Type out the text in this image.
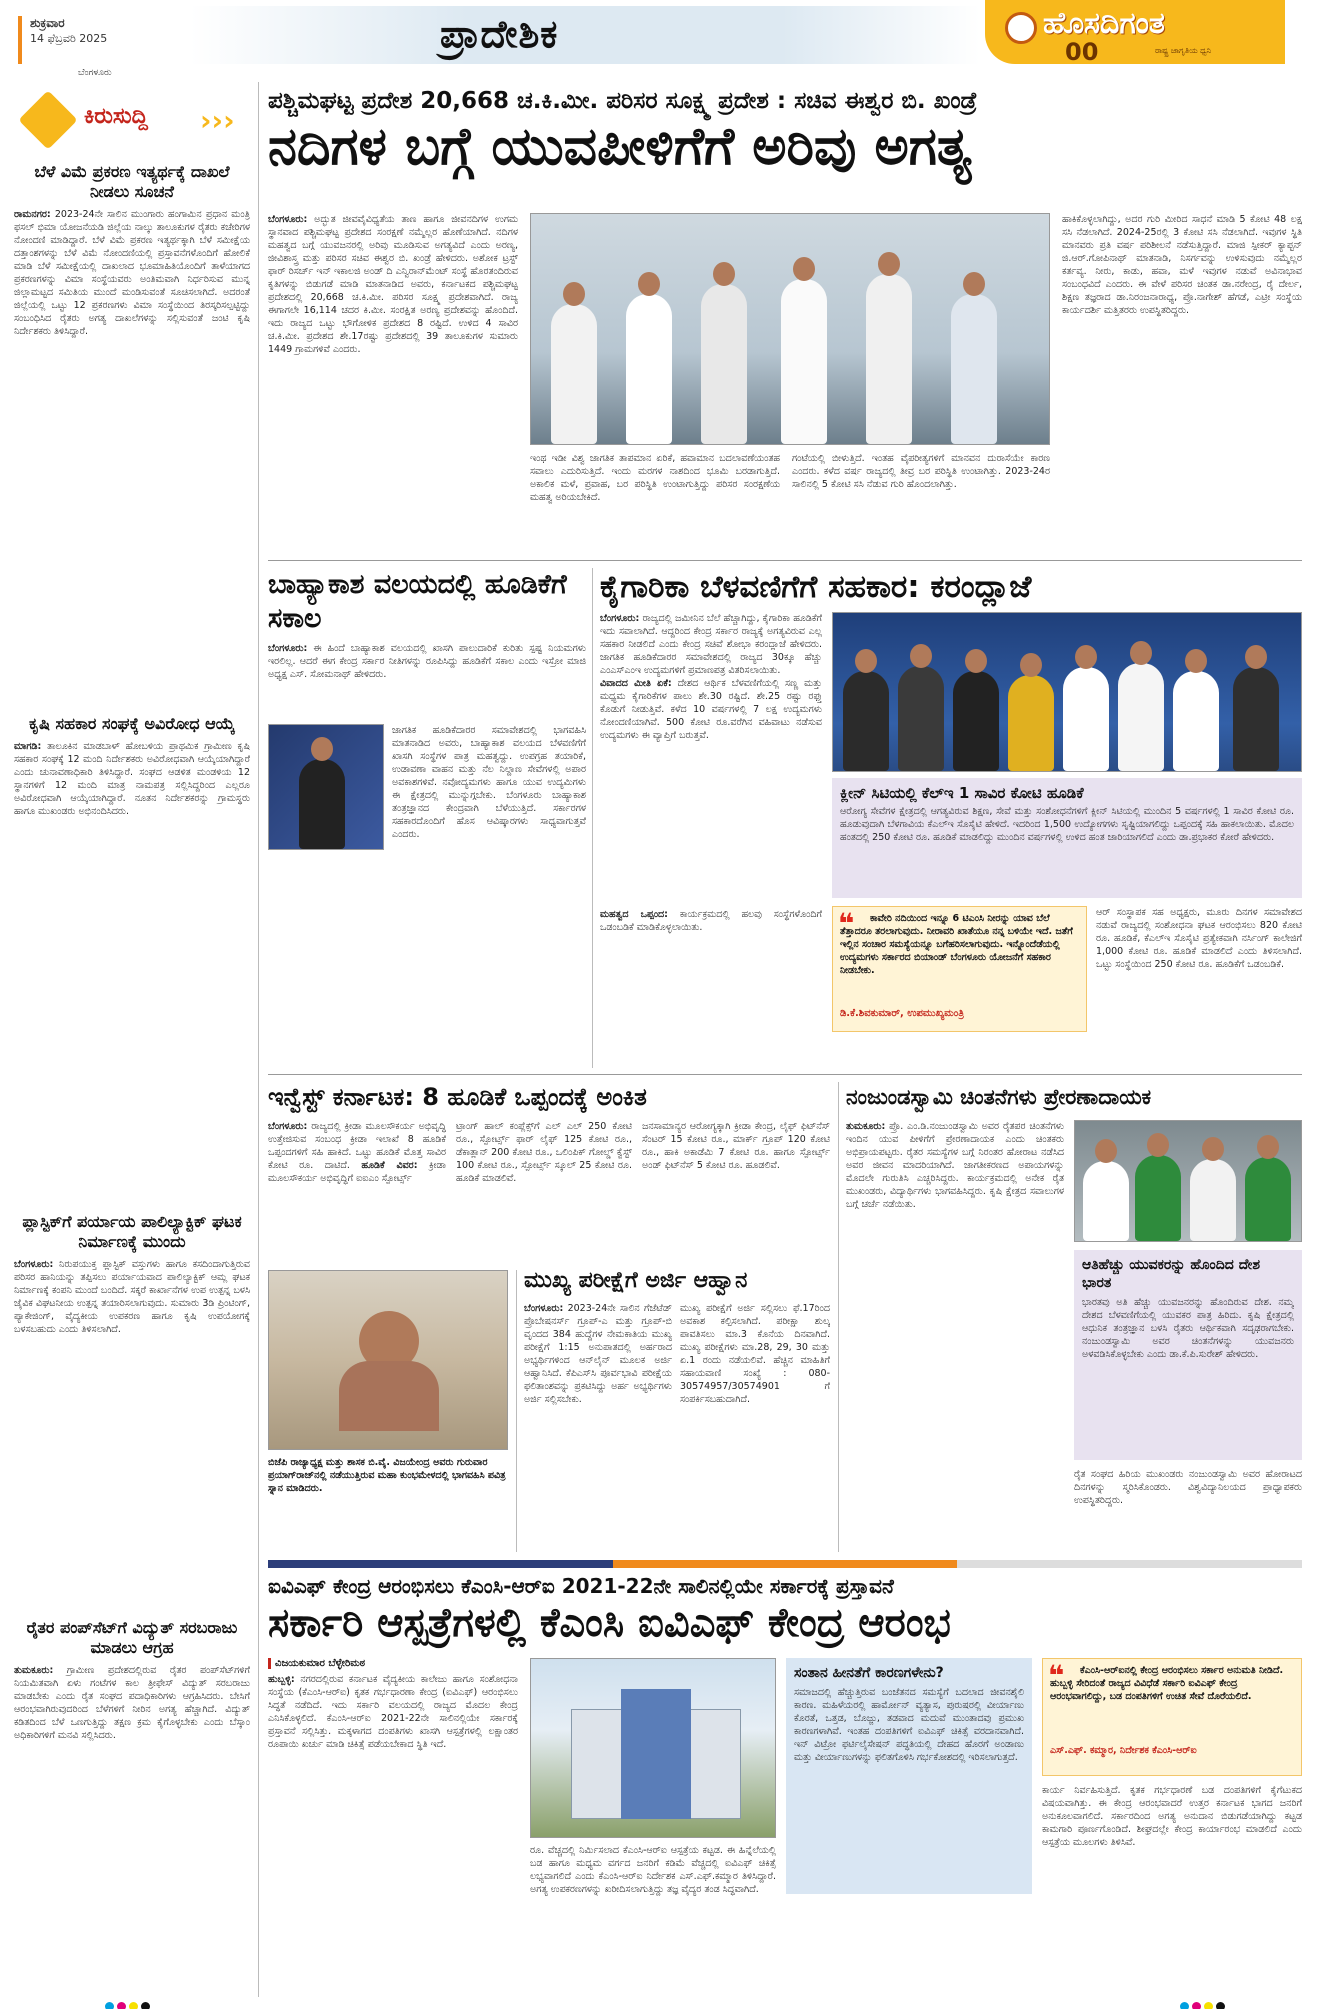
ಶುಕ್ರವಾರ
14 ಫೆಬ್ರವರಿ 2025	ಪ್ರಾದೇಶಿಕ	ಹೊಸದಿಗಂತ
ರಾಷ್ಟ್ರ ಜಾಗೃತಿಯ ಧ್ವನಿ
00
ಬೆಂಗಳೂರು
ಕಿರುಸುದ್ದಿ ›››
ಬೆಳೆ ವಿಮೆ ಪ್ರಕರಣ ಇತ್ಯರ್ಥಕ್ಕೆ ದಾಖಲೆ ನೀಡಲು ಸೂಚನೆ
ರಾಮನಗರ: 2023-24ನೇ ಸಾಲಿನ ಮುಂಗಾರು ಹಂಗಾಮಿನ ಪ್ರಧಾನ ಮಂತ್ರಿ ಫಸಲ್ ಭಿಮಾ ಯೋಜನೆಯಡಿ ಜಿಲ್ಲೆಯ ನಾಲ್ಕು ತಾಲೂಕುಗಳ ರೈತರು ಕಚೇರಿಗಳ ನೋಂದಣಿ ಮಾಡಿದ್ದಾರೆ. ಬೆಳೆ ವಿಮೆ ಪ್ರಕರಣ ಇತ್ಯರ್ಥಕ್ಕಾಗಿ ಬೆಳೆ ಸಮೀಕ್ಷೆಯ ದತ್ತಾಂಶಗಳನ್ನು ಬೆಳೆ ವಿಮೆ ನೋಂದಣಿಯಲ್ಲಿ ಪ್ರಸ್ತಾವನೆಗಳೊಂದಿಗೆ ಹೋಲಿಕೆ ಮಾಡಿ ಬೆಳೆ ಸಮೀಕ್ಷೆಯಲ್ಲಿ ದಾಖಲಾದ ಭೂಮಾಹಿತಿಯೊಂದಿಗೆ ತಾಳೆಯಾಗದ ಪ್ರಕರಣಗಳನ್ನು ವಿಮಾ ಸಂಸ್ಥೆಯವರು ಅಂತಿಮವಾಗಿ ನಿರ್ಧರಿಸುವ ಮುನ್ನ ಜಿಲ್ಲಾಮಟ್ಟದ ಸಮಿತಿಯ ಮುಂದೆ ಮಂಡಿಸುವಂತೆ ಸೂಚಿಸಲಾಗಿದೆ. ಅದರಂತೆ ಜಿಲ್ಲೆಯಲ್ಲಿ ಒಟ್ಟು 12 ಪ್ರಕರಣಗಳು ವಿಮಾ ಸಂಸ್ಥೆಯಿಂದ ತಿರಸ್ಕರಿಸಲ್ಪಟ್ಟಿದ್ದು ಸಂಬಂಧಿಸಿದ ರೈತರು ಅಗತ್ಯ ದಾಖಲೆಗಳನ್ನು ಸಲ್ಲಿಸುವಂತೆ ಜಂಟಿ ಕೃಷಿ ನಿರ್ದೇಶಕರು ತಿಳಿಸಿದ್ದಾರೆ.
ಕೃಷಿ ಸಹಕಾರ ಸಂಘಕ್ಕೆ ಅವಿರೋಧ ಆಯ್ಕೆ
ಮಾಗಡಿ: ತಾಲೂಕಿನ ಮಾಡಬಾಳ್ ಹೋಬಳಿಯ ಪ್ರಾಥಮಿಕ ಗ್ರಾಮೀಣ ಕೃಷಿ ಸಹಕಾರ ಸಂಘಕ್ಕೆ 12 ಮಂದಿ ನಿರ್ದೇಶಕರು ಅವಿರೋಧವಾಗಿ ಆಯ್ಕೆಯಾಗಿದ್ದಾರೆ ಎಂದು ಚುನಾವಣಾಧಿಕಾರಿ ತಿಳಿಸಿದ್ದಾರೆ. ಸಂಘದ ಆಡಳಿತ ಮಂಡಳಿಯ 12 ಸ್ಥಾನಗಳಿಗೆ 12 ಮಂದಿ ಮಾತ್ರ ನಾಮಪತ್ರ ಸಲ್ಲಿಸಿದ್ದರಿಂದ ಎಲ್ಲರೂ ಅವಿರೋಧವಾಗಿ ಆಯ್ಕೆಯಾಗಿದ್ದಾರೆ. ನೂತನ ನಿರ್ದೇಶಕರನ್ನು ಗ್ರಾಮಸ್ಥರು ಹಾಗೂ ಮುಖಂಡರು ಅಭಿನಂದಿಸಿದರು.
ಪ್ಲಾಸ್ಟಿಕ್‌ಗೆ ಪರ್ಯಾಯ ಪಾಲಿಲ್ಯಾಕ್ಟಿಕ್ ಘಟಕ ನಿರ್ಮಾಣಕ್ಕೆ ಮುಂದು
ಬೆಂಗಳೂರು: ನಿರುಪಯುಕ್ತ ಪ್ಲಾಸ್ಟಿಕ್ ವಸ್ತುಗಳು ಹಾಗೂ ಕಸದಿಂದಾಗುತ್ತಿರುವ ಪರಿಸರ ಹಾನಿಯನ್ನು ತಪ್ಪಿಸಲು ಪರ್ಯಾಯವಾದ ಪಾಲಿಲ್ಯಾಕ್ಟಿಕ್ ಆಮ್ಲ ಘಟಕ ನಿರ್ಮಾಣಕ್ಕೆ ಕಂಪನಿ ಮುಂದೆ ಬಂದಿದೆ. ಸಕ್ಕರೆ ಕಾರ್ಖಾನೆಗಳ ಉಪ ಉತ್ಪನ್ನ ಬಳಸಿ ಜೈವಿಕ ವಿಘಟನೀಯ ಉತ್ಪನ್ನ ತಯಾರಿಸಲಾಗುವುದು. ಸುಮಾರು 3ಡಿ ಪ್ರಿಂಟಿಂಗ್, ಪ್ಯಾಕೇಜಿಂಗ್, ವೈದ್ಯಕೀಯ ಉಪಕರಣ ಹಾಗೂ ಕೃಷಿ ಉಪಯೋಗಕ್ಕೆ ಬಳಸಬಹುದು ಎಂದು ತಿಳಿಸಲಾಗಿದೆ.
ರೈತರ ಪಂಪ್‌ಸೆಟ್‌ಗೆ ವಿದ್ಯುತ್ ಸರಬರಾಜು ಮಾಡಲು ಆಗ್ರಹ
ತುಮಕೂರು: ಗ್ರಾಮೀಣ ಪ್ರದೇಶದಲ್ಲಿರುವ ರೈತರ ಪಂಪ್‌ಸೆಟ್‌ಗಳಿಗೆ ನಿಯಮಿತವಾಗಿ ಏಳು ಗಂಟೆಗಳ ಕಾಲ ತ್ರೀಫೇಸ್ ವಿದ್ಯುತ್ ಸರಬರಾಜು ಮಾಡಬೇಕು ಎಂದು ರೈತ ಸಂಘದ ಪದಾಧಿಕಾರಿಗಳು ಆಗ್ರಹಿಸಿದರು. ಬೇಸಿಗೆ ಆರಂಭವಾಗಿರುವುದರಿಂದ ಬೆಳೆಗಳಿಗೆ ನೀರಿನ ಅಗತ್ಯ ಹೆಚ್ಚಾಗಿದೆ. ವಿದ್ಯುತ್ ಕಡಿತದಿಂದ ಬೆಳೆ ಒಣಗುತ್ತಿದ್ದು ತಕ್ಷಣ ಕ್ರಮ ಕೈಗೊಳ್ಳಬೇಕು ಎಂದು ಬೆಸ್ಕಾಂ ಅಧಿಕಾರಿಗಳಿಗೆ ಮನವಿ ಸಲ್ಲಿಸಿದರು.
ಪಶ್ಚಿಮಘಟ್ಟ ಪ್ರದೇಶ 20,668 ಚ.ಕಿ.ಮೀ. ಪರಿಸರ ಸೂಕ್ಷ್ಮ ಪ್ರದೇಶ : ಸಚಿವ ಈಶ್ವರ ಬಿ. ಖಂಡ್ರೆ
ನದಿಗಳ ಬಗ್ಗೆ ಯುವಪೀಳಿಗೆಗೆ ಅರಿವು ಅಗತ್ಯ
ಬೆಂಗಳೂರು: ಅದ್ಭುತ ಜೀವವೈವಿಧ್ಯತೆಯ ತಾಣ ಹಾಗೂ ಜೀವನದಿಗಳ ಉಗಮ ಸ್ಥಾನವಾದ ಪಶ್ಚಿಮಘಟ್ಟ ಪ್ರದೇಶದ ಸಂರಕ್ಷಣೆ ನಮ್ಮೆಲ್ಲರ ಹೊಣೆಯಾಗಿದೆ. ನದಿಗಳ ಮಹತ್ವದ ಬಗ್ಗೆ ಯುವಜನರಲ್ಲಿ ಅರಿವು ಮೂಡಿಸುವ ಅಗತ್ಯವಿದೆ ಎಂದು ಅರಣ್ಯ, ಜೀವಿಶಾಸ್ತ್ರ ಮತ್ತು ಪರಿಸರ ಸಚಿವ ಈಶ್ವರ ಬಿ. ಖಂಡ್ರೆ ಹೇಳಿದರು. ಅಶೋಕ ಟ್ರಸ್ಟ್ ಫಾರ್ ರಿಸರ್ಚ್ ಇನ್ ಇಕಾಲಜಿ ಅಂಡ್ ದಿ ಎನ್ವಿರಾನ್‌ಮೆಂಟ್ ಸಂಸ್ಥೆ ಹೊರತಂದಿರುವ ಕೃತಿಗಳನ್ನು ಬಿಡುಗಡೆ ಮಾಡಿ ಮಾತನಾಡಿದ ಅವರು, ಕರ್ನಾಟಕದ ಪಶ್ಚಿಮಘಟ್ಟ ಪ್ರದೇಶದಲ್ಲಿ 20,668 ಚ.ಕಿ.ಮೀ. ಪರಿಸರ ಸೂಕ್ಷ್ಮ ಪ್ರದೇಶವಾಗಿದೆ. ರಾಜ್ಯ ಈಗಾಗಲೇ 16,114 ಚದರ ಕಿ.ಮೀ. ಸಂರಕ್ಷಿತ ಅರಣ್ಯ ಪ್ರದೇಶವನ್ನು ಹೊಂದಿದೆ. ಇದು ರಾಜ್ಯದ ಒಟ್ಟು ಭೌಗೋಳಿಕ ಪ್ರದೇಶದ 8 ರಷ್ಟಿದೆ. ಉಳಿದ 4 ಸಾವಿರ ಚ.ಕಿ.ಮೀ. ಪ್ರದೇಶದ ಶೇ.17ರಷ್ಟು ಪ್ರದೇಶದಲ್ಲಿ 39 ತಾಲೂಕುಗಳ ಸುಮಾರು 1449 ಗ್ರಾಮಗಳಿವೆ ಎಂದರು.
ಇಂಥ ಇಡೀ ವಿಶ್ವ ಜಾಗತಿಕ ತಾಪಮಾನ ಏರಿಕೆ, ಹವಾಮಾನ ಬದಲಾವಣೆಯಂತಹ ಸವಾಲು ಎದುರಿಸುತ್ತಿದೆ. ಇಂದು ಮರಗಳ ನಾಶದಿಂದ ಭೂಮಿ ಬರಡಾಗುತ್ತಿದೆ. ಅಕಾಲಿಕ ಮಳೆ, ಪ್ರವಾಹ, ಬರ ಪರಿಸ್ಥಿತಿ ಉಂಟಾಗುತ್ತಿದ್ದು ಪರಿಸರ ಸಂರಕ್ಷಣೆಯ ಮಹತ್ವ ಅರಿಯಬೇಕಿದೆ.
ಗಂಟೆಯಲ್ಲಿ ಬೀಳುತ್ತಿದೆ. ಇಂತಹ ವೈಪರೀತ್ಯಗಳಿಗೆ ಮಾನವನ ದುರಾಸೆಯೇ ಕಾರಣ ಎಂದರು. ಕಳೆದ ವರ್ಷ ರಾಜ್ಯದಲ್ಲಿ ತೀವ್ರ ಬರ ಪರಿಸ್ಥಿತಿ ಉಂಟಾಗಿತ್ತು. 2023-24ರ ಸಾಲಿನಲ್ಲಿ 5 ಕೋಟಿ ಸಸಿ ನೆಡುವ ಗುರಿ ಹೊಂದಲಾಗಿತ್ತು.
ಹಾಕಿಕೊಳ್ಳಲಾಗಿದ್ದು, ಅದರ ಗುರಿ ಮೀರಿದ ಸಾಧನೆ ಮಾಡಿ 5 ಕೋಟಿ 48 ಲಕ್ಷ ಸಸಿ ನೆಡಲಾಗಿದೆ. 2024-25ರಲ್ಲಿ 3 ಕೋಟಿ ಸಸಿ ನೆಡಲಾಗಿದೆ. ಇವುಗಳ ಸ್ಥಿತಿ ಮಾನವರು ಪ್ರತಿ ವರ್ಷ ಪರಿಶೀಲನೆ ನಡೆಸುತ್ತಿದ್ದಾರೆ. ಮಾಜಿ ಸ್ಪೀಕರ್ ಕ್ಯಾಪ್ಟನ್ ಜಿ.ಆರ್.ಗೋಪಿನಾಥ್ ಮಾತನಾಡಿ, ನಿಸರ್ಗವನ್ನು ಉಳಿಸುವುದು ನಮ್ಮೆಲ್ಲರ ಕರ್ತವ್ಯ. ನೀರು, ಕಾಡು, ಹವಾ, ಮಳೆ ಇವುಗಳ ನಡುವೆ ಅವಿನಾಭಾವ ಸಂಬಂಧವಿದೆ ಎಂದರು. ಈ ವೇಳೆ ಪರಿಸರ ಚಿಂತಕ ಡಾ.ನರೇಂದ್ರ, ರೈ ದೇರ್ಲ, ಶಿಕ್ಷಣ ತಜ್ಞರಾದ ಡಾ.ನಿರಂಜನಾರಾಧ್ಯ, ಪ್ರೊ.ನಾಗೇಶ್ ಹೆಗಡೆ, ಎಟ್ರೀ ಸಂಸ್ಥೆಯ ಕಾರ್ಯದರ್ಶಿ ಮತ್ತಿತರರು ಉಪಸ್ಥಿತರಿದ್ದರು.
ಬಾಹ್ಯಾಕಾಶ ವಲಯದಲ್ಲಿ ಹೂಡಿಕೆಗೆ ಸಕಾಲ
ಬೆಂಗಳೂರು: ಈ ಹಿಂದೆ ಬಾಹ್ಯಾಕಾಶ ವಲಯದಲ್ಲಿ ಖಾಸಗಿ ಪಾಲುದಾರಿಕೆ ಕುರಿತು ಸ್ಪಷ್ಟ ನಿಯಮಗಳು ಇರಲಿಲ್ಲ. ಆದರೆ ಈಗ ಕೇಂದ್ರ ಸರ್ಕಾರ ನೀತಿಗಳನ್ನು ರೂಪಿಸಿದ್ದು ಹೂಡಿಕೆಗೆ ಸಕಾಲ ಎಂದು ಇಸ್ರೋ ಮಾಜಿ ಅಧ್ಯಕ್ಷ ಎಸ್. ಸೋಮನಾಥ್ ಹೇಳಿದರು.
ಜಾಗತಿಕ ಹೂಡಿಕೆದಾರರ ಸಮಾವೇಶದಲ್ಲಿ ಭಾಗವಹಿಸಿ ಮಾತನಾಡಿದ ಅವರು, ಬಾಹ್ಯಾಕಾಶ ವಲಯದ ಬೆಳವಣಿಗೆಗೆ ಖಾಸಗಿ ಸಂಸ್ಥೆಗಳ ಪಾತ್ರ ಮಹತ್ವದ್ದು. ಉಪಗ್ರಹ ತಯಾರಿಕೆ, ಉಡಾವಣಾ ವಾಹನ ಮತ್ತು ನೆಲ ನಿಲ್ದಾಣ ಸೇವೆಗಳಲ್ಲಿ ಅಪಾರ ಅವಕಾಶಗಳಿವೆ. ನವೋದ್ಯಮಗಳು ಹಾಗೂ ಯುವ ಉದ್ಯಮಿಗಳು ಈ ಕ್ಷೇತ್ರದಲ್ಲಿ ಮುನ್ನುಗ್ಗಬೇಕು. ಬೆಂಗಳೂರು ಬಾಹ್ಯಾಕಾಶ ತಂತ್ರಜ್ಞಾನದ ಕೇಂದ್ರವಾಗಿ ಬೆಳೆಯುತ್ತಿದೆ. ಸರ್ಕಾರಗಳ ಸಹಕಾರದೊಂದಿಗೆ ಹೊಸ ಆವಿಷ್ಕಾರಗಳು ಸಾಧ್ಯವಾಗುತ್ತವೆ ಎಂದರು.
ಕೈಗಾರಿಕಾ ಬೆಳವಣಿಗೆಗೆ ಸಹಕಾರ: ಕರಂದ್ಲಾಜೆ
ಬೆಂಗಳೂರು: ರಾಜ್ಯದಲ್ಲಿ ಜಮೀನಿನ ಬೆಲೆ ಹೆಚ್ಚಾಗಿದ್ದು, ಕೈಗಾರಿಕಾ ಹೂಡಿಕೆಗೆ ಇದು ಸವಾಲಾಗಿದೆ. ಆದ್ದರಿಂದ ಕೇಂದ್ರ ಸರ್ಕಾರ ರಾಜ್ಯಕ್ಕೆ ಅಗತ್ಯವಿರುವ ಎಲ್ಲ ಸಹಕಾರ ನೀಡಲಿದೆ ಎಂದು ಕೇಂದ್ರ ಸಚಿವೆ ಶೋಭಾ ಕರಂದ್ಲಾಜೆ ಹೇಳಿದರು. ಜಾಗತಿಕ ಹೂಡಿಕೆದಾರರ ಸಮಾವೇಶದಲ್ಲಿ ರಾಜ್ಯದ 30ಕ್ಕೂ ಹೆಚ್ಚು ಎಂಎಸ್‌ಎಂಇ ಉದ್ಯಮಗಳಿಗೆ ಪ್ರಮಾಣಪತ್ರ ವಿತರಿಸಲಾಯಿತು.
ವಿವಾದದ ಮೀತಿ ಏಕೆ: ದೇಶದ ಆರ್ಥಿಕ ಬೆಳವಣಿಗೆಯಲ್ಲಿ ಸಣ್ಣ ಮತ್ತು ಮಧ್ಯಮ ಕೈಗಾರಿಕೆಗಳ ಪಾಲು ಶೇ.30 ರಷ್ಟಿದೆ. ಶೇ.25 ರಷ್ಟು ರಫ್ತು ಕೊಡುಗೆ ನೀಡುತ್ತಿವೆ. ಕಳೆದ 10 ವರ್ಷಗಳಲ್ಲಿ 7 ಲಕ್ಷ ಉದ್ಯಮಗಳು ನೋಂದಣಿಯಾಗಿವೆ. 500 ಕೋಟಿ ರೂ.ವರೆಗಿನ ವಹಿವಾಟು ನಡೆಸುವ ಉದ್ಯಮಗಳು ಈ ವ್ಯಾಪ್ತಿಗೆ ಬರುತ್ತವೆ.
ಮಹತ್ವದ ಒಪ್ಪಂದ: ಕಾರ್ಯಕ್ರಮದಲ್ಲಿ ಹಲವು ಸಂಸ್ಥೆಗಳೊಂದಿಗೆ ಒಡಂಬಡಿಕೆ ಮಾಡಿಕೊಳ್ಳಲಾಯಿತು.
ಕ್ಲೀನ್ ಸಿಟಿಯಲ್ಲಿ ಕೆಲ್‌ಇ 1 ಸಾವಿರ ಕೋಟಿ ಹೂಡಿಕೆ
ಆರೋಗ್ಯ ಸೇವೆಗಳ ಕ್ಷೇತ್ರದಲ್ಲಿ ಆಗತ್ಯವಿರುವ ಶಿಕ್ಷಣ, ಸೇವೆ ಮತ್ತು ಸಂಶೋಧನೆಗಳಿಗೆ ಕ್ಲೀನ್ ಸಿಟಿಯಲ್ಲಿ ಮುಂದಿನ 5 ವರ್ಷಗಳಲ್ಲಿ 1 ಸಾವಿರ ಕೋಟಿ ರೂ. ಹೂಡುವುದಾಗಿ ಬೆಳಗಾವಿಯ ಕೆಎಲ್‌ಇ ಸೊಸೈಟಿ ಹೇಳಿದೆ. ಇದರಿಂದ 1,500 ಉದ್ಯೋಗಗಳು ಸೃಷ್ಟಿಯಾಗಲಿದ್ದು ಒಪ್ಪಂದಕ್ಕೆ ಸಹಿ ಹಾಕಲಾಯಿತು. ಮೊದಲ ಹಂತದಲ್ಲಿ 250 ಕೋಟಿ ರೂ. ಹೂಡಿಕೆ ಮಾಡಲಿದ್ದು ಮುಂದಿನ ವರ್ಷಗಳಲ್ಲಿ ಉಳಿದ ಹಂತ ಜಾರಿಯಾಗಲಿದೆ ಎಂದು ಡಾ.ಪ್ರಭಾಕರ ಕೋರೆ ಹೇಳಿದರು.
❝	ಕಾವೇರಿ ನದಿಯಿಂದ ಇನ್ನೂ 6 ಟಿಎಂಸಿ ನೀರನ್ನು ಯಾವ ಬೆಲೆ ತೆತ್ತಾದರೂ ತರಲಾಗುವುದು. ನೀರಾವರಿ ಖಾತೆಯೂ ನನ್ನ ಬಳಿಯೇ ಇದೆ. ಜತೆಗೆ ಇಲ್ಲಿನ ಸಂಚಾರ ಸಮಸ್ಯೆಯನ್ನೂ ಬಗೆಹರಿಸಲಾಗುವುದು. ಇನ್ನೊಂದೆಡೆಯಲ್ಲಿ ಉದ್ಯಮಗಳು ಸರ್ಕಾರದ ಬಿಯಾಂಡ್ ಬೆಂಗಳೂರು ಯೋಜನೆಗೆ ಸಹಕಾರ ನೀಡಬೇಕು.
ಡಿ.ಕೆ.ಶಿವಕುಮಾರ್, ಉಪಮುಖ್ಯಮಂತ್ರಿ
ಆರ್ ಸಂಸ್ಥಾಪಕ ಸಹ ಅಧ್ಯಕ್ಷರು, ಮೂರು ದಿನಗಳ ಸಮಾವೇಶದ ನಡುವೆ ರಾಜ್ಯದಲ್ಲಿ ಸಂಶೋಧನಾ ಘಟಕ ಆರಂಭಿಸಲು 820 ಕೋಟಿ ರೂ. ಹೂಡಿಕೆ, ಕೆಎಲ್‌ಇ ಸೊಸೈಟಿ ಪ್ರತ್ಯೇಕವಾಗಿ ನರ್ಸಿಂಗ್ ಕಾಲೇಜಿಗೆ 1,000 ಕೋಟಿ ರೂ. ಹೂಡಿಕೆ ಮಾಡಲಿದೆ ಎಂದು ತಿಳಿಸಲಾಗಿದೆ. ಒಟ್ಟು ಸಂಸ್ಥೆಯಿಂದ 250 ಕೋಟಿ ರೂ. ಹೂಡಿಕೆಗೆ ಒಡಂಬಡಿಕೆ.
ಇನ್ವೆಸ್ಟ್ ಕರ್ನಾಟಕ: 8 ಹೂಡಿಕೆ ಒಪ್ಪಂದಕ್ಕೆ ಅಂಕಿತ
ಬೆಂಗಳೂರು: ರಾಜ್ಯದಲ್ಲಿ ಕ್ರೀಡಾ ಮೂಲಸೌಕರ್ಯ ಅಭಿವೃದ್ಧಿ ಉತ್ತೇಜಿಸುವ ಸಂಬಂಧ ಕ್ರೀಡಾ ಇಲಾಖೆ 8 ಹೂಡಿಕೆ ಒಪ್ಪಂದಗಳಿಗೆ ಸಹಿ ಹಾಕಿದೆ. ಒಟ್ಟು ಹೂಡಿಕೆ ಮೊತ್ತ ಸಾವಿರ ಕೋಟಿ ರೂ. ದಾಟಿದೆ. ಹೂಡಿಕೆ ವಿವರ: ಕ್ರೀಡಾ ಮೂಲಸೌಕರ್ಯ ಅಭಿವೃದ್ಧಿಗೆ ಐಐಎಂ ಸ್ಪೋರ್ಟ್ಸ್
ಟ್ರಾಂಗ್ ಹಾಲ್ ಕಂಪ್ಲೆಕ್ಸ್‌ಗೆ ಎಲ್ ಎಲ್ 250 ಕೋಟಿ ರೂ., ಸ್ಪೋರ್ಟ್ಸ್ ಫಾರ್ ಲೈಫ್ 125 ಕೋಟಿ ರೂ., ಡೆಕಾತ್ಲಾನ್ 200 ಕೋಟಿ ರೂ., ಒಲಿಂಪಿಕ್ ಗೋಲ್ಡ್ ಕ್ವೆಸ್ಟ್ 100 ಕೋಟಿ ರೂ., ಸ್ಪೋರ್ಟ್ಸ್ ಸ್ಕೂಲ್ 25 ಕೋಟಿ ರೂ. ಹೂಡಿಕೆ ಮಾಡಲಿವೆ.
ಜನಸಾಮಾನ್ಯರ ಆರೋಗ್ಯಕ್ಕಾಗಿ ಕ್ರೀಡಾ ಕೇಂದ್ರ, ಲೈಫ್ ಫಿಟ್‌ನೆಸ್ ಸೆಂಟರ್ 15 ಕೋಟಿ ರೂ., ಮಾರ್ಕ್ ಗ್ರೂಪ್ 120 ಕೋಟಿ ರೂ., ಹಾಕಿ ಅಕಾಡೆಮಿ 7 ಕೋಟಿ ರೂ. ಹಾಗೂ ಸ್ಪೋರ್ಟ್ಸ್ ಅಂಡ್ ಫಿಟ್‌ನೆಸ್ 5 ಕೋಟಿ ರೂ. ಹೂಡಲಿವೆ.
ನಂಜುಂಡಸ್ವಾಮಿ ಚಿಂತನೆಗಳು ಪ್ರೇರಣಾದಾಯಕ
ತುಮಕೂರು: ಪ್ರೊ. ಎಂ.ಡಿ.ನಂಜುಂಡಸ್ವಾಮಿ ಅವರ ರೈತಪರ ಚಿಂತನೆಗಳು ಇಂದಿನ ಯುವ ಪೀಳಿಗೆಗೆ ಪ್ರೇರಣಾದಾಯಕ ಎಂದು ಚಿಂತಕರು ಅಭಿಪ್ರಾಯಪಟ್ಟರು. ರೈತರ ಸಮಸ್ಯೆಗಳ ಬಗ್ಗೆ ನಿರಂತರ ಹೋರಾಟ ನಡೆಸಿದ ಅವರ ಜೀವನ ಮಾದರಿಯಾಗಿದೆ. ಜಾಗತೀಕರಣದ ಅಪಾಯಗಳನ್ನು ಮೊದಲೇ ಗುರುತಿಸಿ ಎಚ್ಚರಿಸಿದ್ದರು. ಕಾರ್ಯಕ್ರಮದಲ್ಲಿ ಅನೇಕ ರೈತ ಮುಖಂಡರು, ವಿದ್ಯಾರ್ಥಿಗಳು ಭಾಗವಹಿಸಿದ್ದರು. ಕೃಷಿ ಕ್ಷೇತ್ರದ ಸವಾಲುಗಳ ಬಗ್ಗೆ ಚರ್ಚೆ ನಡೆಯಿತು.
ಆತಿಹೆಚ್ಚು ಯುವಕರನ್ನು ಹೊಂದಿದ ದೇಶ ಭಾರತ
ಭಾರತವು ಅತಿ ಹೆಚ್ಚು ಯುವಜನರನ್ನು ಹೊಂದಿರುವ ದೇಶ. ನಮ್ಮ ದೇಶದ ಬೆಳವಣಿಗೆಯಲ್ಲಿ ಯುವಕರ ಪಾತ್ರ ಹಿರಿದು. ಕೃಷಿ ಕ್ಷೇತ್ರದಲ್ಲಿ ಆಧುನಿಕ ತಂತ್ರಜ್ಞಾನ ಬಳಸಿ ರೈತರು ಆರ್ಥಿಕವಾಗಿ ಸದೃಢರಾಗಬೇಕು. ನಂಜುಂಡಸ್ವಾಮಿ ಅವರ ಚಿಂತನೆಗಳನ್ನು ಯುವಜನರು ಅಳವಡಿಸಿಕೊಳ್ಳಬೇಕು ಎಂದು ಡಾ.ಕೆ.ಪಿ.ಸುರೇಶ್ ಹೇಳಿದರು.
ರೈತ ಸಂಘದ ಹಿರಿಯ ಮುಖಂಡರು ನಂಜುಂಡಸ್ವಾಮಿ ಅವರ ಹೋರಾಟದ ದಿನಗಳನ್ನು ಸ್ಮರಿಸಿಕೊಂಡರು. ವಿಶ್ವವಿದ್ಯಾನಿಲಯದ ಪ್ರಾಧ್ಯಾಪಕರು ಉಪಸ್ಥಿತರಿದ್ದರು.
ಬಿಜೆಪಿ ರಾಜ್ಯಾಧ್ಯಕ್ಷ ಮತ್ತು ಶಾಸಕ ಬಿ.ವೈ. ವಿಜಯೇಂದ್ರ ಅವರು ಗುರುವಾರ ಪ್ರಯಾಗ್‌ರಾಜ್‌ನಲ್ಲಿ ನಡೆಯುತ್ತಿರುವ ಮಹಾ ಕುಂಭಮೇಳದಲ್ಲಿ ಭಾಗವಹಿಸಿ ಪವಿತ್ರ ಸ್ನಾನ ಮಾಡಿದರು.
ಮುಖ್ಯ ಪರೀಕ್ಷೆಗೆ ಅರ್ಜಿ ಆಹ್ವಾನ
ಬೆಂಗಳೂರು: 2023-24ನೇ ಸಾಲಿನ ಗೆಜೆಟೆಡ್ ಪ್ರೊಬೇಷನರ್ಸ್ ಗ್ರೂಪ್-ಎ ಮತ್ತು ಗ್ರೂಪ್-ಬಿ ವೃಂದದ 384 ಹುದ್ದೆಗಳ ನೇಮಕಾತಿಯ ಮುಖ್ಯ ಪರೀಕ್ಷೆಗೆ 1:15 ಅನುಪಾತದಲ್ಲಿ ಅರ್ಹರಾದ ಅಭ್ಯರ್ಥಿಗಳಿಂದ ಆನ್‌ಲೈನ್ ಮೂಲಕ ಅರ್ಜಿ ಆಹ್ವಾನಿಸಿದೆ. ಕೆಪಿಎಸ್‌ಸಿ ಪೂರ್ವಭಾವಿ ಪರೀಕ್ಷೆಯ ಫಲಿತಾಂಶವನ್ನು ಪ್ರಕಟಿಸಿದ್ದು ಅರ್ಹ ಅಭ್ಯರ್ಥಿಗಳು ಅರ್ಜಿ ಸಲ್ಲಿಸಬೇಕು.
ಮುಖ್ಯ ಪರೀಕ್ಷೆಗೆ ಅರ್ಜಿ ಸಲ್ಲಿಸಲು ಫೆ.17ರಿಂದ ಅವಕಾಶ ಕಲ್ಪಿಸಲಾಗಿದೆ. ಪರೀಕ್ಷಾ ಶುಲ್ಕ ಪಾವತಿಸಲು ಮಾ.3 ಕೊನೆಯ ದಿನವಾಗಿದೆ. ಮುಖ್ಯ ಪರೀಕ್ಷೆಗಳು ಮಾ.28, 29, 30 ಮತ್ತು ಏ.1 ರಂದು ನಡೆಯಲಿವೆ. ಹೆಚ್ಚಿನ ಮಾಹಿತಿಗೆ ಸಹಾಯವಾಣಿ ಸಂಖ್ಯೆ : 080-30574957/30574901 ಗೆ ಸಂಪರ್ಕಿಸಬಹುದಾಗಿದೆ.
ಐವಿಎಫ್ ಕೇಂದ್ರ ಆರಂಭಿಸಲು ಕೆಎಂಸಿ-ಆರ್‌ಐ 2021-22ನೇ ಸಾಲಿನಲ್ಲಿಯೇ ಸರ್ಕಾರಕ್ಕೆ ಪ್ರಸ್ತಾವನೆ
ಸರ್ಕಾರಿ ಆಸ್ಪತ್ರೆಗಳಲ್ಲಿ ಕೆಎಂಸಿ ಐವಿಎಫ್ ಕೇಂದ್ರ ಆರಂಭ
ವಿಜಯಕುಮಾರ ಬೆಳ್ಳೇರಿಮಠ
ಹುಬ್ಬಳ್ಳಿ: ನಗರದಲ್ಲಿರುವ ಕರ್ನಾಟಕ ವೈದ್ಯಕೀಯ ಕಾಲೇಜು ಹಾಗೂ ಸಂಶೋಧನಾ ಸಂಸ್ಥೆಯ (ಕೆಎಂಸಿ-ಆರ್‌ಐ) ಕೃತಕ ಗರ್ಭಧಾರಣಾ ಕೇಂದ್ರ (ಐವಿಎಫ್) ಆರಂಭಿಸಲು ಸಿದ್ಧತೆ ನಡೆದಿದೆ. ಇದು ಸರ್ಕಾರಿ ವಲಯದಲ್ಲಿ ರಾಜ್ಯದ ಮೊದಲ ಕೇಂದ್ರ ಎನಿಸಿಕೊಳ್ಳಲಿದೆ. ಕೆಎಂಸಿ-ಆರ್‌ಐ 2021-22ನೇ ಸಾಲಿನಲ್ಲಿಯೇ ಸರ್ಕಾರಕ್ಕೆ ಪ್ರಸ್ತಾವನೆ ಸಲ್ಲಿಸಿತ್ತು. ಮಕ್ಕಳಾಗದ ದಂಪತಿಗಳು ಖಾಸಗಿ ಆಸ್ಪತ್ರೆಗಳಲ್ಲಿ ಲಕ್ಷಾಂತರ ರೂಪಾಯಿ ಖರ್ಚು ಮಾಡಿ ಚಿಕಿತ್ಸೆ ಪಡೆಯಬೇಕಾದ ಸ್ಥಿತಿ ಇದೆ.
ರೂ. ವೆಚ್ಚದಲ್ಲಿ ನಿರ್ಮಿಸಲಾದ ಕೆಎಂಸಿ-ಆರ್‌ಐ ಆಸ್ಪತ್ರೆಯ ಕಟ್ಟಡ. ಈ ಹಿನ್ನೆಲೆಯಲ್ಲಿ ಬಡ ಹಾಗೂ ಮಧ್ಯಮ ವರ್ಗದ ಜನರಿಗೆ ಕಡಿಮೆ ವೆಚ್ಚದಲ್ಲಿ ಐವಿಎಫ್ ಚಿಕಿತ್ಸೆ ಲಭ್ಯವಾಗಲಿದೆ ಎಂದು ಕೆಎಂಸಿ-ಆರ್‌ಐ ನಿರ್ದೇಶಕ ಎಸ್.ಎಫ್.ಕಮ್ಮಾರ ತಿಳಿಸಿದ್ದಾರೆ. ಅಗತ್ಯ ಉಪಕರಣಗಳನ್ನು ಖರೀದಿಸಲಾಗುತ್ತಿದ್ದು ತಜ್ಞ ವೈದ್ಯರ ತಂಡ ಸಿದ್ಧವಾಗಿದೆ.
ಸಂತಾನ ಹೀನತೆಗೆ ಕಾರಣಗಳೇನು?
ಸಮಾಜದಲ್ಲಿ ಹೆಚ್ಚುತ್ತಿರುವ ಬಂಜೆತನದ ಸಮಸ್ಯೆಗೆ ಬದಲಾದ ಜೀವನಶೈಲಿ ಕಾರಣ. ಮಹಿಳೆಯರಲ್ಲಿ ಹಾರ್ಮೋನ್ ವ್ಯತ್ಯಾಸ, ಪುರುಷರಲ್ಲಿ ವೀರ್ಯಾಣು ಕೊರತೆ, ಒತ್ತಡ, ಬೊಜ್ಜು, ತಡವಾದ ಮದುವೆ ಮುಂತಾದವು ಪ್ರಮುಖ ಕಾರಣಗಳಾಗಿವೆ. ಇಂತಹ ದಂಪತಿಗಳಿಗೆ ಐವಿಎಫ್ ಚಿಕಿತ್ಸೆ ವರದಾನವಾಗಿದೆ. ಇನ್ ವಿಟ್ರೋ ಫರ್ಟಿಲೈಸೇಷನ್ ಪದ್ಧತಿಯಲ್ಲಿ ದೇಹದ ಹೊರಗೆ ಅಂಡಾಣು ಮತ್ತು ವೀರ್ಯಾಣುಗಳನ್ನು ಫಲಿತಗೊಳಿಸಿ ಗರ್ಭಕೋಶದಲ್ಲಿ ಇರಿಸಲಾಗುತ್ತದೆ.
❝	ಕೆಎಂಸಿ-ಆರ್‌ಐನಲ್ಲಿ ಕೇಂದ್ರ ಆರಂಭಿಸಲು ಸರ್ಕಾರ ಅನುಮತಿ ನೀಡಿದೆ. ಹುಬ್ಬಳ್ಳಿ ಸೇರಿದಂತೆ ರಾಜ್ಯದ ವಿವಿಧೆಡೆ ಸರ್ಕಾರಿ ಐವಿಎಫ್ ಕೇಂದ್ರ ಆರಂಭವಾಗಲಿದ್ದು, ಬಡ ದಂಪತಿಗಳಿಗೆ ಉಚಿತ ಸೇವೆ ದೊರೆಯಲಿದೆ.
ಎಸ್.ಎಫ್. ಕಮ್ಮಾರ, ನಿರ್ದೇಶಕ ಕೆಎಂಸಿ-ಆರ್‌ಐ
ಕಾರ್ಯ ನಿರ್ವಹಿಸುತ್ತಿದೆ. ಕೃತಕ ಗರ್ಭಧಾರಣೆ ಬಡ ದಂಪತಿಗಳಿಗೆ ಕೈಗೆಟುಕದ ವಿಷಯವಾಗಿತ್ತು. ಈ ಕೇಂದ್ರ ಆರಂಭವಾದರೆ ಉತ್ತರ ಕರ್ನಾಟಕ ಭಾಗದ ಜನರಿಗೆ ಅನುಕೂಲವಾಗಲಿದೆ. ಸರ್ಕಾರದಿಂದ ಅಗತ್ಯ ಅನುದಾನ ಬಿಡುಗಡೆಯಾಗಿದ್ದು ಕಟ್ಟಡ ಕಾಮಗಾರಿ ಪೂರ್ಣಗೊಂಡಿದೆ. ಶೀಘ್ರದಲ್ಲೇ ಕೇಂದ್ರ ಕಾರ್ಯಾರಂಭ ಮಾಡಲಿದೆ ಎಂದು ಆಸ್ಪತ್ರೆಯ ಮೂಲಗಳು ತಿಳಿಸಿವೆ.
